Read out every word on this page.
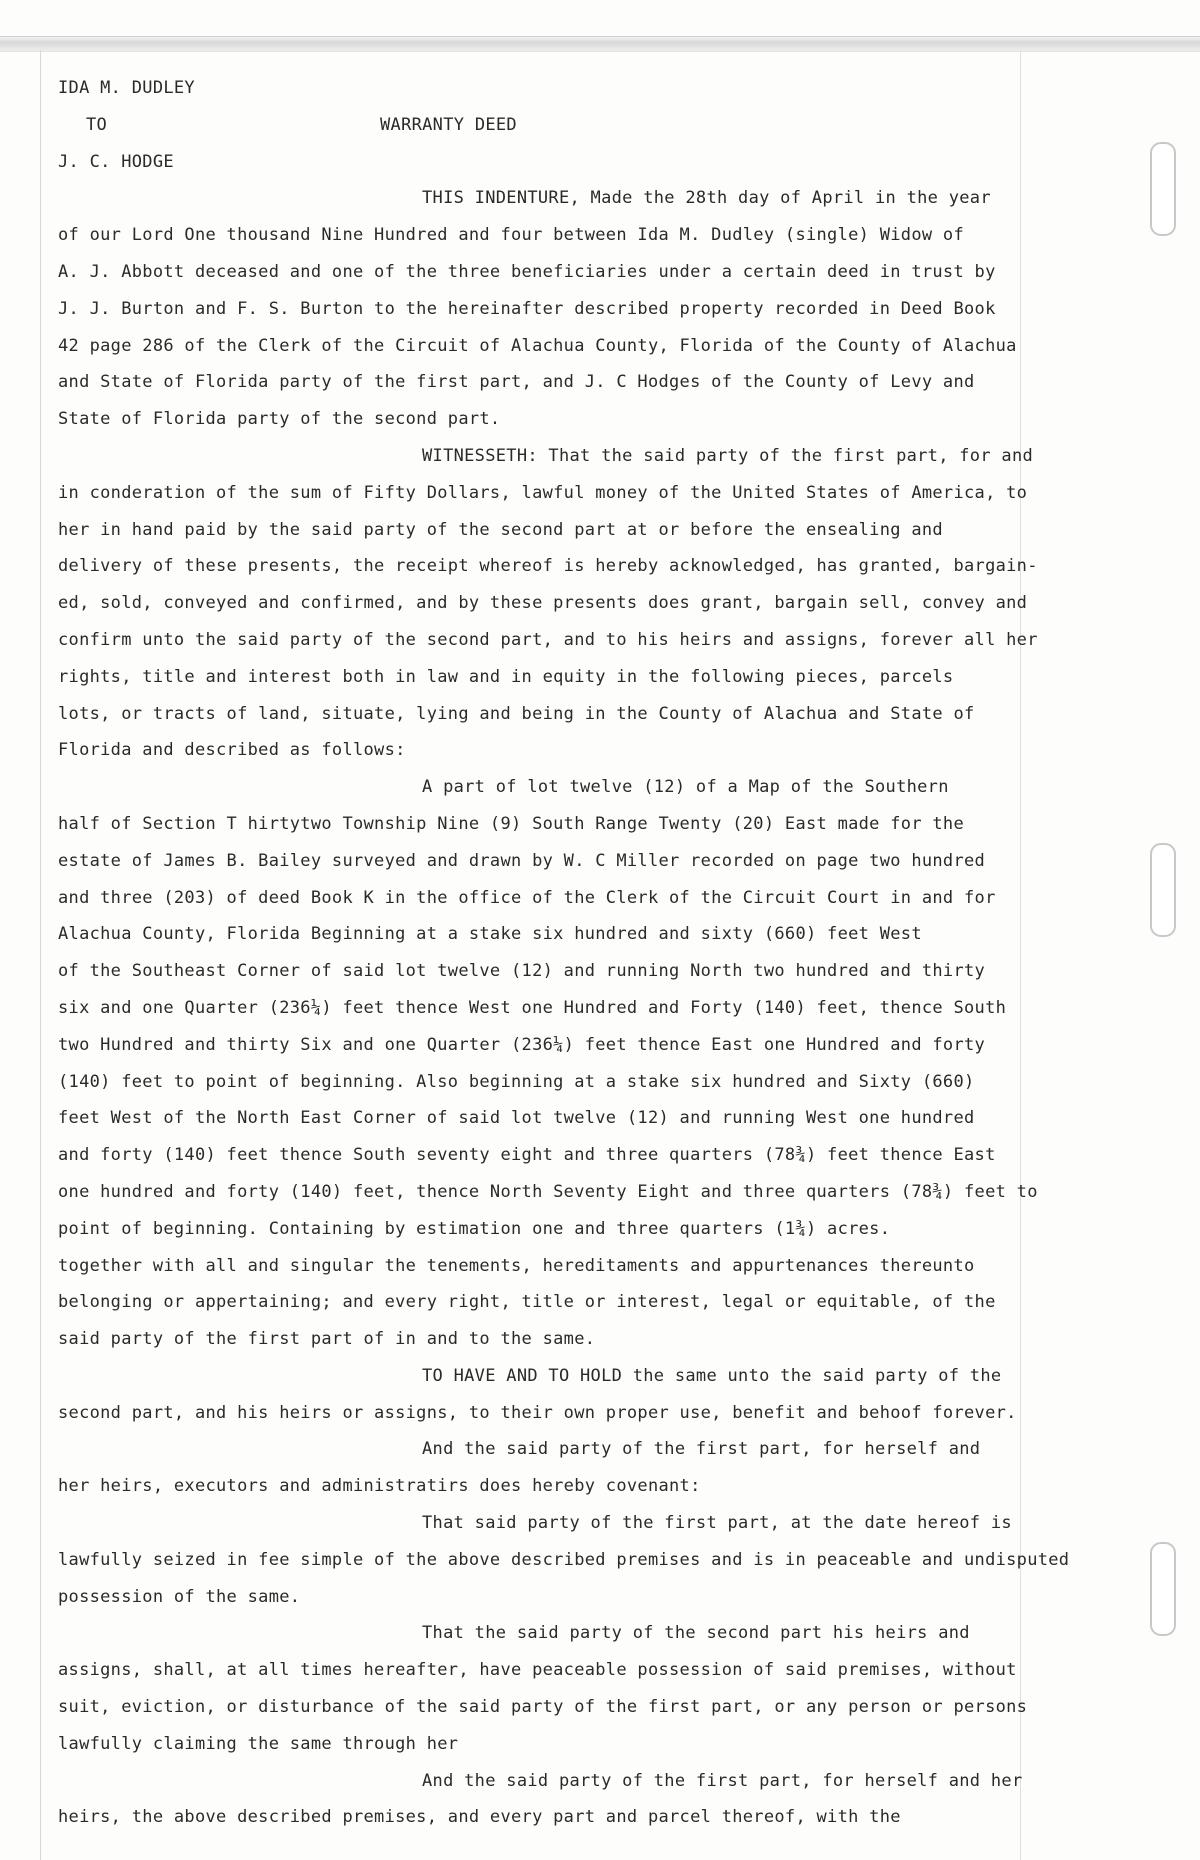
IDA M. DUDLEY

TO	WARRANTY DEED

J. C. HODGE

THIS INDENTURE, Made the 28th day of April in the year

of our Lord One thousand Nine Hundred and four between Ida M. Dudley (single) Widow of

A. J. Abbott deceased and one of the three beneficiaries under a certain deed in trust by

J. J. Burton and F. S. Burton to the hereinafter described property recorded in Deed Book

42 page 286 of the Clerk of the Circuit of Alachua County, Florida of the County of Alachua

and State of Florida party of the first part, and J. C Hodges of the County of Levy and

State of Florida party of the second part.

WITNESSETH: That the said party of the first part, for and

in conderation of the sum of Fifty Dollars, lawful money of the United States of America, to

her in hand paid by the said party of the second part at or before the ensealing and

delivery of these presents, the receipt whereof is hereby acknowledged, has granted, bargain-

ed, sold, conveyed and confirmed, and by these presents does grant, bargain sell, convey and

confirm unto the said party of the second part, and to his heirs and assigns, forever all her

rights, title and interest both in law and in equity in the following pieces, parcels

lots, or tracts of land, situate, lying and being in the County of Alachua and State of

Florida and described as follows:

A part of lot twelve (12) of a Map of the Southern

half of Section T hirtytwo Township Nine (9) South Range Twenty (20) East made for the

estate of James B. Bailey surveyed and drawn by W. C Miller recorded on page two hundred

and three (203) of deed Book K in the office of the Clerk of the Circuit Court in and for

Alachua County, Florida Beginning at a stake six hundred and sixty (660) feet West

of the Southeast Corner of said lot twelve (12) and running North two hundred and thirty

six and one Quarter (236¼) feet thence West one Hundred and Forty (140) feet, thence South

two Hundred and thirty Six and one Quarter (236¼) feet thence East one Hundred and forty

(140) feet to point of beginning. Also beginning at a stake six hundred and Sixty (660)

feet West of the North East Corner of said lot twelve (12) and running West one hundred

and forty (140) feet thence South seventy eight and three quarters (78¾) feet thence East

one hundred and forty (140) feet, thence North Seventy Eight and three quarters (78¾) feet to

point of beginning. Containing by estimation one and three quarters (1¾) acres.

together with all and singular the tenements, hereditaments and appurtenances thereunto

belonging or appertaining; and every right, title or interest, legal or equitable, of the

said party of the first part of in and to the same.

TO HAVE AND TO HOLD the same unto the said party of the

second part, and his heirs or assigns, to their own proper use, benefit and behoof forever.

And the said party of the first part, for herself and

her heirs, executors and administratirs does hereby covenant:

That said party of the first part, at the date hereof is

lawfully seized in fee simple of the above described premises and is in peaceable and undisputed

possession of the same.

That the said party of the second part his heirs and

assigns, shall, at all times hereafter, have peaceable possession of said premises, without

suit, eviction, or disturbance of the said party of the first part, or any person or persons

lawfully claiming the same through her

And the said party of the first part, for herself and her

heirs, the above described premises, and every part and parcel thereof, with the
